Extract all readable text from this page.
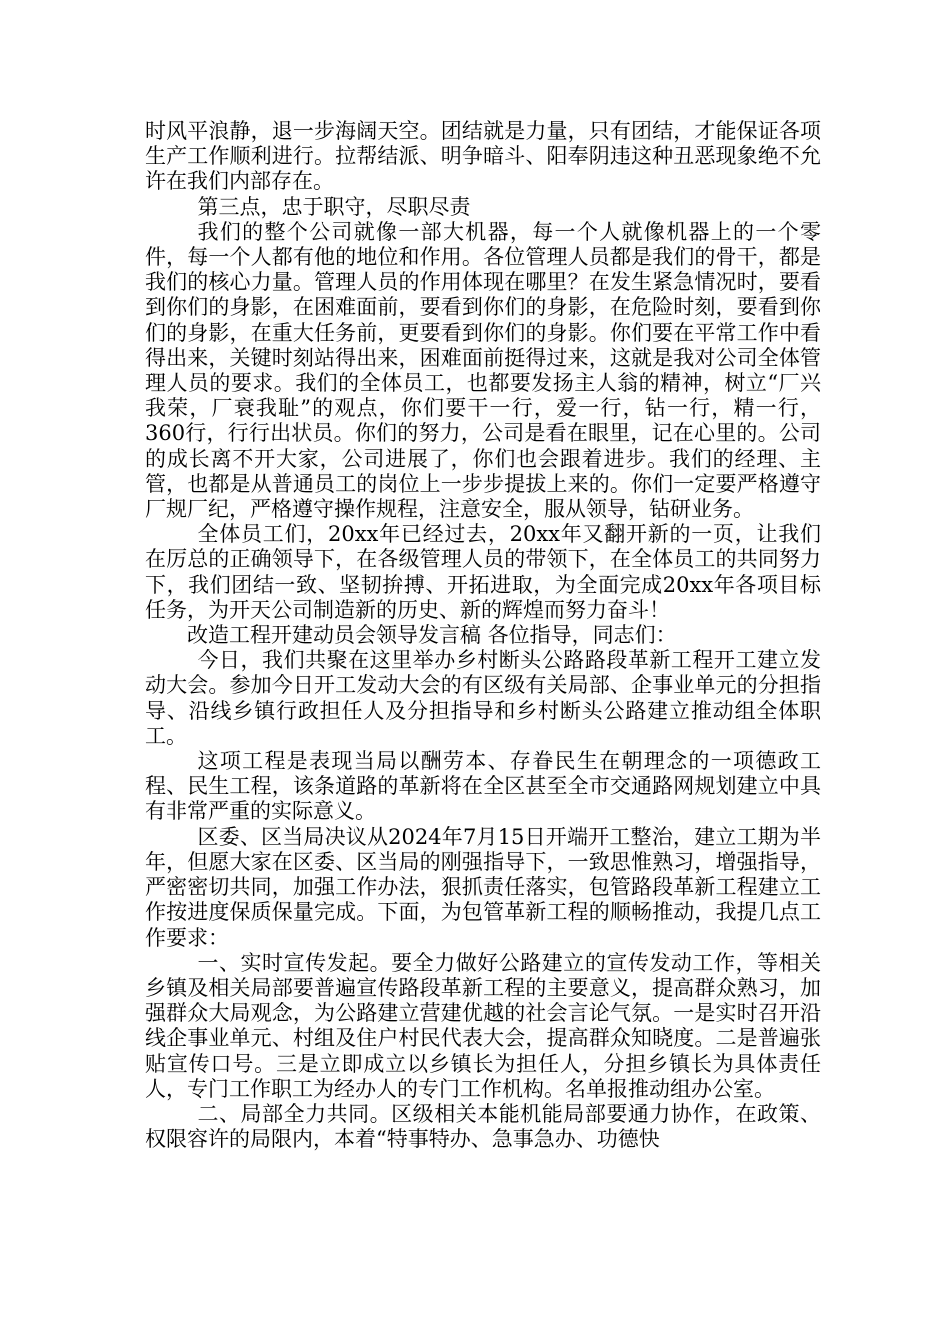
时风平浪静，退一步海阔天空。团结就是力量，只有团结，才能保证各项生产工作顺利进行。拉帮结派、明争暗斗、阳奉阴违这种丑恶现象绝不允许在我们内部存在。

第三点，忠于职守，尽职尽责

我们的整个公司就像一部大机器，每一个人就像机器上的一个零件，每一个人都有他的地位和作用。各位管理人员都是我们的骨干，都是我们的核心力量。管理人员的作用体现在哪里？在发生紧急情况时，要看到你们的身影，在困难面前，要看到你们的身影，在危险时刻，要看到你们的身影，在重大任务前，更要看到你们的身影。你们要在平常工作中看得出来，关键时刻站得出来，困难面前挺得过来，这就是我对公司全体管理人员的要求。我们的全体员工，也都要发扬主人翁的精神，树立“厂兴我荣，厂衰我耻”的观点，你们要干一行，爱一行，钻一行，精一行，360行，行行出状员。你们的努力，公司是看在眼里，记在心里的。公司的成长离不开大家，公司进展了，你们也会跟着进步。我们的经理、主管，也都是从普通员工的岗位上一步步提拔上来的。你们一定要严格遵守厂规厂纪，严格遵守操作规程，注意安全，服从领导，钻研业务。

全体员工们，20xx年已经过去，20xx年又翻开新的一页，让我们在厉总的正确领导下，在各级管理人员的带领下，在全体员工的共同努力下，我们团结一致、坚韧拚搏、开拓进取，为全面完成20xx年各项目标任务，为开天公司制造新的历史、新的辉煌而努力奋斗！

改造工程开建动员会领导发言稿 各位指导，同志们：

今日，我们共聚在这里举办乡村断头公路路段革新工程开工建立发动大会。参加今日开工发动大会的有区级有关局部、企事业单元的分担指导、沿线乡镇行政担任人及分担指导和乡村断头公路建立推动组全体职工。

这项工程是表现当局以酬劳本、存眷民生在朝理念的一项德政工程、民生工程，该条道路的革新将在全区甚至全市交通路网规划建立中具有非常严重的实际意义。

区委、区当局决议从2024年7月15日开端开工整治，建立工期为半年，但愿大家在区委、区当局的刚强指导下，一致思惟熟习，增强指导，严密密切共同，加强工作办法，狠抓责任落实，包管路段革新工程建立工作按进度保质保量完成。下面，为包管革新工程的顺畅推动，我提几点工作要求：

一、实时宣传发起。要全力做好公路建立的宣传发动工作，等相关乡镇及相关局部要普遍宣传路段革新工程的主要意义，提高群众熟习，加强群众大局观念，为公路建立营建优越的社会言论气氛。一是实时召开沿线企事业单元、村组及住户村民代表大会，提高群众知晓度。二是普遍张贴宣传口号。三是立即成立以乡镇长为担任人，分担乡镇长为具体责任人，专门工作职工为经办人的专门工作机构。名单报推动组办公室。

二、局部全力共同。区级相关本能机能局部要通力协作，在政策、权限容许的局限内，本着“特事特办、急事急办、功德快
